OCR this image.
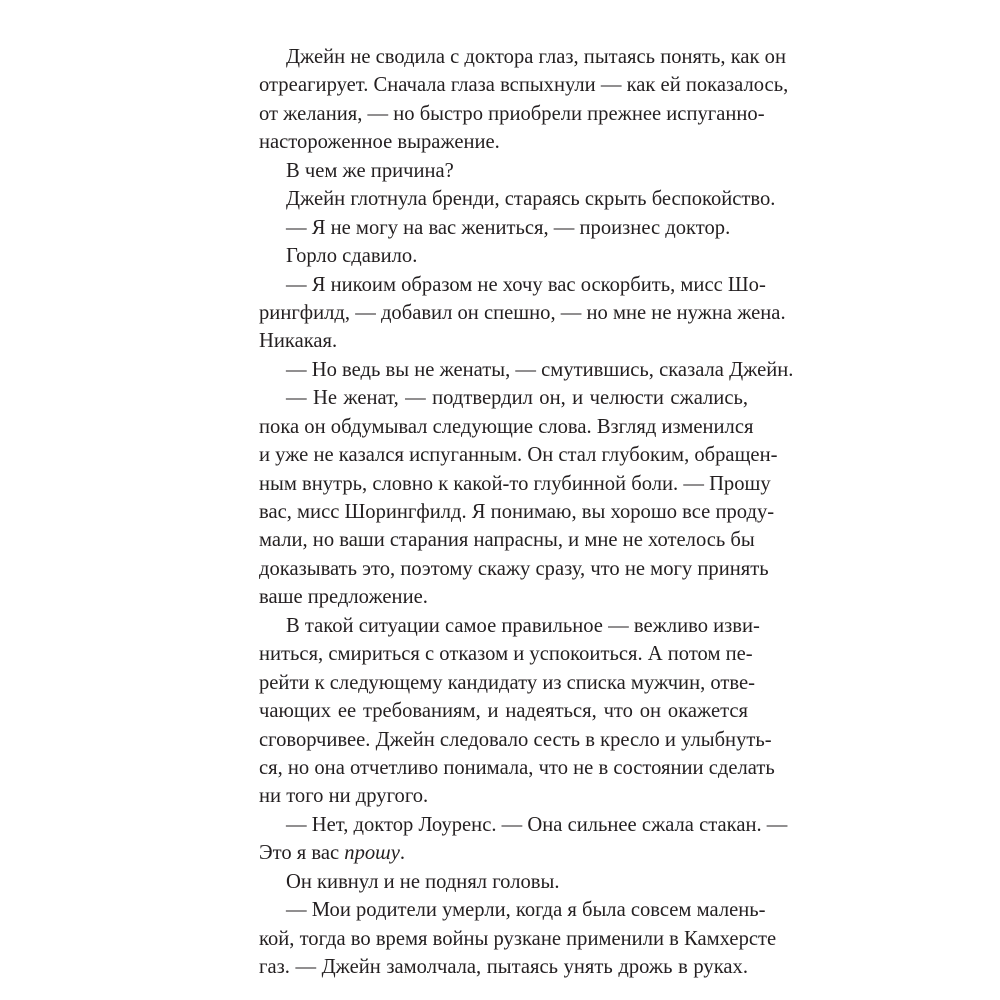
Джейн не сводила с доктора глаз, пытаясь понять, как он
отреагирует. Сначала глаза вспыхнули — как ей показалось,
от желания, — но быстро приобрели прежнее испуганно-
настороженное выражение.
В чем же причина?
Джейн глотнула бренди, стараясь скрыть беспокойство.
— Я не могу на вас жениться, — произнес доктор.
Горло сдавило.
— Я никоим образом не хочу вас оскорбить, мисс Шо-
рингфилд, — добавил он спешно, — но мне не нужна жена.
Никакая.
— Но ведь вы не женаты, — смутившись, сказала Джейн.
— Не женат, — подтвердил он, и челюсти сжались,
пока он обдумывал следующие слова. Взгляд изменился
и уже не казался испуганным. Он стал глубоким, обращен-
ным внутрь, словно к какой-то глубинной боли. — Прошу
вас, мисс Шорингфилд. Я понимаю, вы хорошо все проду-
мали, но ваши старания напрасны, и мне не хотелось бы
доказывать это, поэтому скажу сразу, что не могу принять
ваше предложение.
В такой ситуации самое правильное — вежливо изви-
ниться, смириться с отказом и успокоиться. А потом пе-
рейти к следующему кандидату из списка мужчин, отве-
чающих ее требованиям, и надеяться, что он окажется
сговорчивее. Джейн следовало сесть в кресло и улыбнуть-
ся, но она отчетливо понимала, что не в состоянии сделать
ни того ни другого.
— Нет, доктор Лоуренс. — Она сильнее сжала стакан. —
Это я вас прошу.
Он кивнул и не поднял головы.
— Мои родители умерли, когда я была совсем малень-
кой, тогда во время войны рузкане применили в Камхерсте
газ. — Джейн замолчала, пытаясь унять дрожь в руках.
